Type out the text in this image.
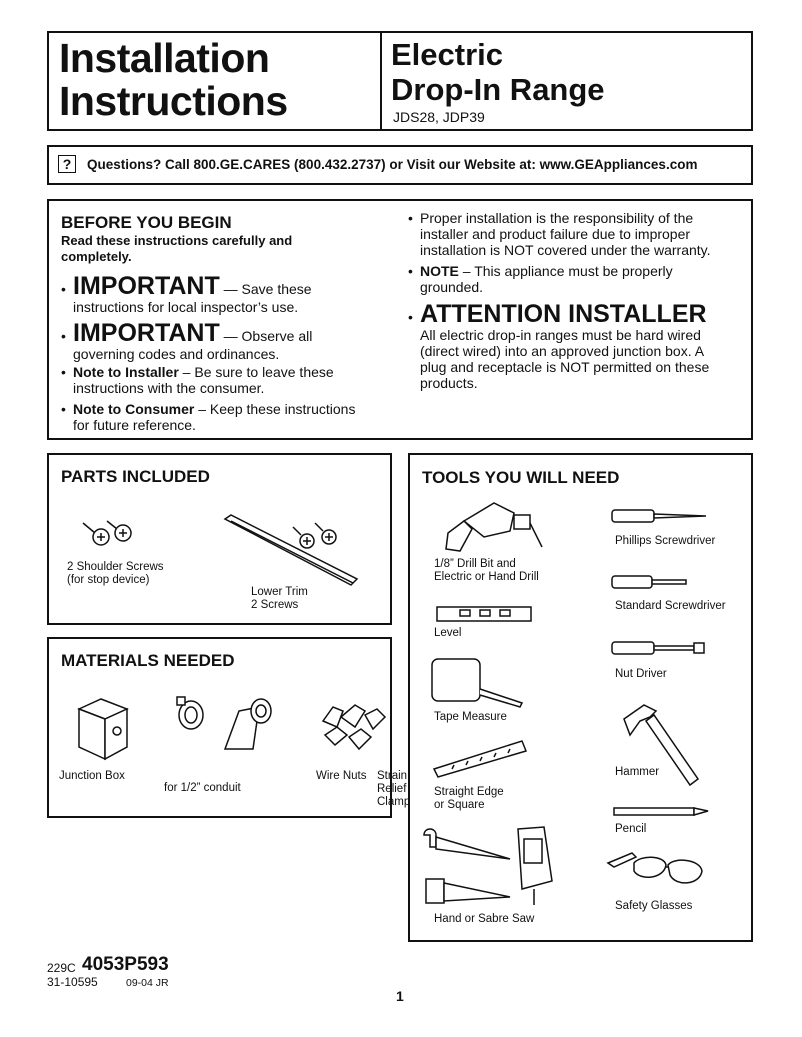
Installation
Instructions
Electric
Drop-In Range
JDS28, JDP39
?	Questions? Call 800.GE.CARES (800.432.2737) or Visit our Website at: www.GEAppliances.com
BEFORE YOU BEGIN
Read these instructions carefully and
completely.
• IMPORTANT — Save these
instructions for local inspector’s use.
• IMPORTANT — Observe all
governing codes and ordinances.
• Note to Installer – Be sure to leave these
instructions with the consumer.
• Note to Consumer – Keep these instructions
for future reference.
• Proper installation is the responsibility of the
installer and product failure due to improper
installation is NOT covered under the warranty.
• NOTE – This appliance must be properly
grounded.
• ATTENTION INSTALLER
All electric drop-in ranges must be hard wired
(direct wired) into an approved junction box. A
plug and receptacle is NOT permitted on these
products.
PARTS INCLUDED
2 Shoulder Screws
(for stop device)
Lower Trim
2 Screws
MATERIALS NEEDED
Junction Box
for 1/2” conduit
Wire Nuts Strain Relief Clamp
TOOLS YOU WILL NEED
1/8” Drill Bit and
Electric or Hand Drill
Level
Tape Measure
Straight Edge
or Square
Hand or Sabre Saw
Phillips Screwdriver
Standard Screwdriver
Nut Driver
Hammer
Pencil
Safety Glasses
229C 4053P593
31-10595	09-04 JR
1
